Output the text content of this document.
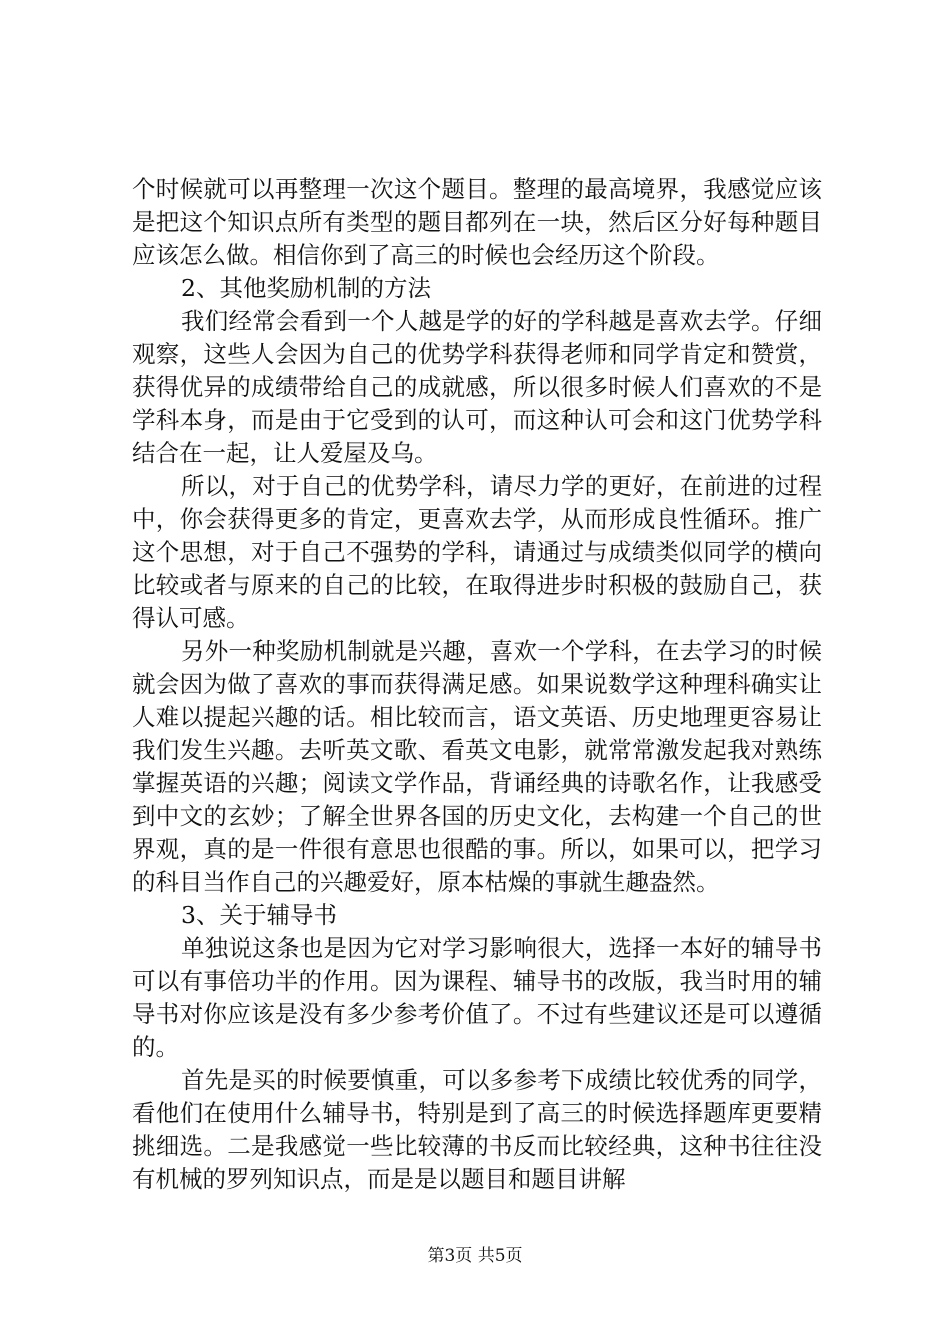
个时候就可以再整理一次这个题目。整理的最高境界，我感觉应该是把这个知识点所有类型的题目都列在一块，然后区分好每种题目应该怎么做。相信你到了高三的时候也会经历这个阶段。

2、其他奖励机制的方法

我们经常会看到一个人越是学的好的学科越是喜欢去学。仔细观察，这些人会因为自己的优势学科获得老师和同学肯定和赞赏，获得优异的成绩带给自己的成就感，所以很多时候人们喜欢的不是学科本身，而是由于它受到的认可，而这种认可会和这门优势学科结合在一起，让人爱屋及乌。

所以，对于自己的优势学科，请尽力学的更好，在前进的过程中，你会获得更多的肯定，更喜欢去学，从而形成良性循环。推广这个思想，对于自己不强势的学科，请通过与成绩类似同学的横向比较或者与原来的自己的比较，在取得进步时积极的鼓励自己，获得认可感。

另外一种奖励机制就是兴趣，喜欢一个学科，在去学习的时候就会因为做了喜欢的事而获得满足感。如果说数学这种理科确实让人难以提起兴趣的话。相比较而言，语文英语、历史地理更容易让我们发生兴趣。去听英文歌、看英文电影，就常常激发起我对熟练掌握英语的兴趣；阅读文学作品，背诵经典的诗歌名作，让我感受到中文的玄妙；了解全世界各国的历史文化，去构建一个自己的世界观，真的是一件很有意思也很酷的事。所以，如果可以，把学习的科目当作自己的兴趣爱好，原本枯燥的事就生趣盎然。

3、关于辅导书

单独说这条也是因为它对学习影响很大，选择一本好的辅导书可以有事倍功半的作用。因为课程、辅导书的改版，我当时用的辅导书对你应该是没有多少参考价值了。不过有些建议还是可以遵循的。

首先是买的时候要慎重，可以多参考下成绩比较优秀的同学，看他们在使用什么辅导书，特别是到了高三的时候选择题库更要精挑细选。二是我感觉一些比较薄的书反而比较经典，这种书往往没有机械的罗列知识点，而是是以题目和题目讲解

第3页 共5页
